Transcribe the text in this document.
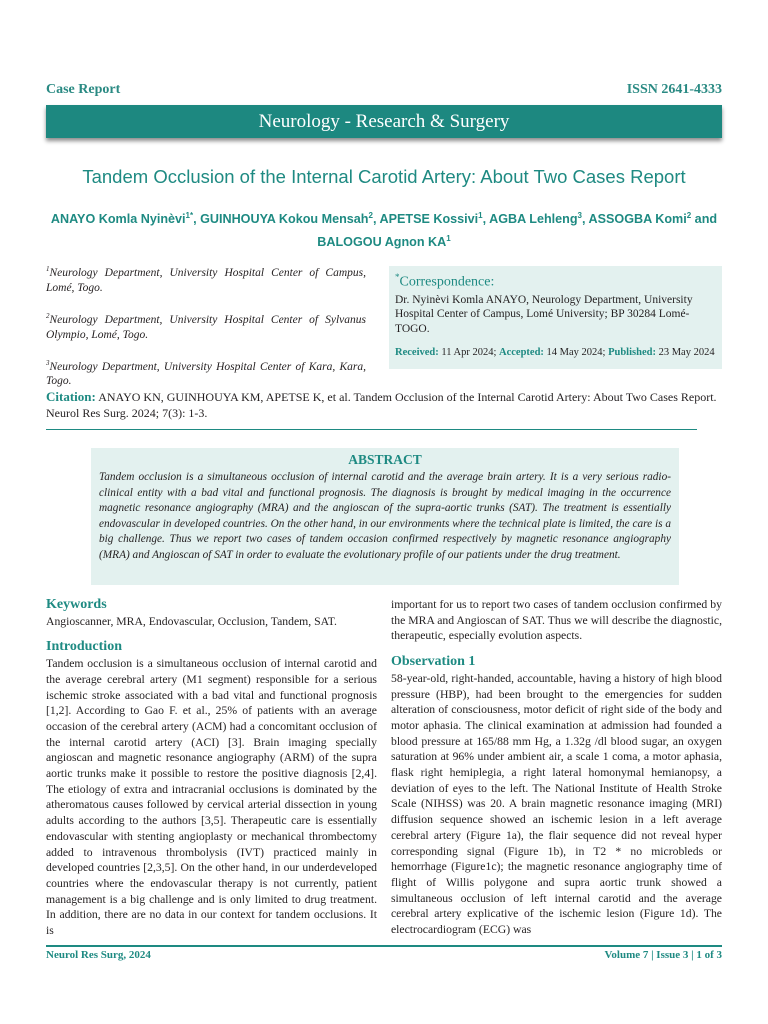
Case Report	ISSN 2641-4333
Neurology - Research & Surgery
Tandem Occlusion of the Internal Carotid Artery: About Two Cases Report
ANAYO Komla Nyinèvi$^{1*}$, GUINHOUYA Kokou Mensah$^2$, APETSE Kossivi$^1$, AGBA Lehleng$^3$, ASSOGBA Komi$^2$ and BALOGOU Agnon $KA^1$

$^1$Neurology Department, University Hospital Center of Campus, Lomé, Togo.

$^2$Neurology Department, University Hospital Center of Sylvanus Olympio, Lomé, Togo.

$^3$Neurology Department, University Hospital Center of Kara, Kara, Togo.

*Correspondence:
Dr. Nyinèvi Komla ANAYO, Neurology Department, University Hospital Center of Campus, Lomé University; BP 30284 Lomé-TOGO.
Received: 11 Apr 2024; Accepted: 14 May 2024; Published: 23 May 2024
Citation: ANAYO KN, GUINHOUYA KM, APETSE K, et al. Tandem Occlusion of the Internal Carotid Artery: About Two Cases Report. Neurol Res Surg. 2024; 7(3): 1-3.
ABSTRACT

Tandem occlusion is a simultaneous occlusion of internal carotid and the average brain artery. It is a very serious radio-clinical entity with a bad vital and functional prognosis. The diagnosis is brought by medical imaging in the occurrence magnetic resonance angiography (MRA) and the angioscan of the supra-aortic trunks (SAT). The treatment is essentially endovascular in developed countries. On the other hand, in our environments where the technical plate is limited, the care is a big challenge. Thus we report two cases of tandem occasion confirmed respectively by magnetic resonance angiography (MRA) and Angioscan of SAT in order to evaluate the evolutionary profile of our patients under the drug treatment.

Keywords

Angioscanner, MRA, Endovascular, Occlusion, Tandem, SAT.

Introduction

Tandem occlusion is a simultaneous occlusion of internal carotid and the average cerebral artery (M1 segment) responsible for a serious ischemic stroke associated with a bad vital and functional prognosis [1,2]. According to Gao F. et al., 25% of patients with an average occasion of the cerebral artery (ACM) had a concomitant occlusion of the internal carotid artery (ACI) [3]. Brain imaging specially angioscan and magnetic resonance angiography (ARM) of the supra aortic trunks make it possible to restore the positive diagnosis [2,4]. The etiology of extra and intracranial occlusions is dominated by the atheromatous causes followed by cervical arterial dissection in young adults according to the authors [3,5]. Therapeutic care is essentially endovascular with stenting angioplasty or mechanical thrombectomy added to intravenous thrombolysis (IVT) practiced mainly in developed countries [2,3,5]. On the other hand, in our underdeveloped countries where the endovascular therapy is not currently, patient management is a big challenge and is only limited to drug treatment. In addition, there are no data in our context for tandem occlusions. It is

important for us to report two cases of tandem occlusion confirmed by the MRA and Angioscan of SAT. Thus we will describe the diagnostic, therapeutic, especially evolution aspects.

Observation 1

58-year-old, right-handed, accountable, having a history of high blood pressure (HBP), had been brought to the emergencies for sudden alteration of consciousness, motor deficit of right side of the body and motor aphasia. The clinical examination at admission had founded a blood pressure at 165/88 mm Hg, a 1.32g /dl blood sugar, an oxygen saturation at 96% under ambient air, a scale 1 coma, a motor aphasia, flask right hemiplegia, a right lateral homonymal hemianopsy, a deviation of eyes to the left. The National Institute of Health Stroke Scale (NIHSS) was 20. A brain magnetic resonance imaging (MRI) diffusion sequence showed an ischemic lesion in a left average cerebral artery (Figure 1a), the flair sequence did not reveal hyper corresponding signal (Figure 1b), in T2 * no microbleds or hemorrhage (Figure1c); the magnetic resonance angiography time of flight of Willis polygone and supra aortic trunk showed a simultaneous occlusion of left internal carotid and the average cerebral artery explicative of the ischemic lesion (Figure 1d). The electrocardiogram (ECG) was

Neurol Res Surg, 2024	Volume 7 | Issue 3 | 1 of 3
